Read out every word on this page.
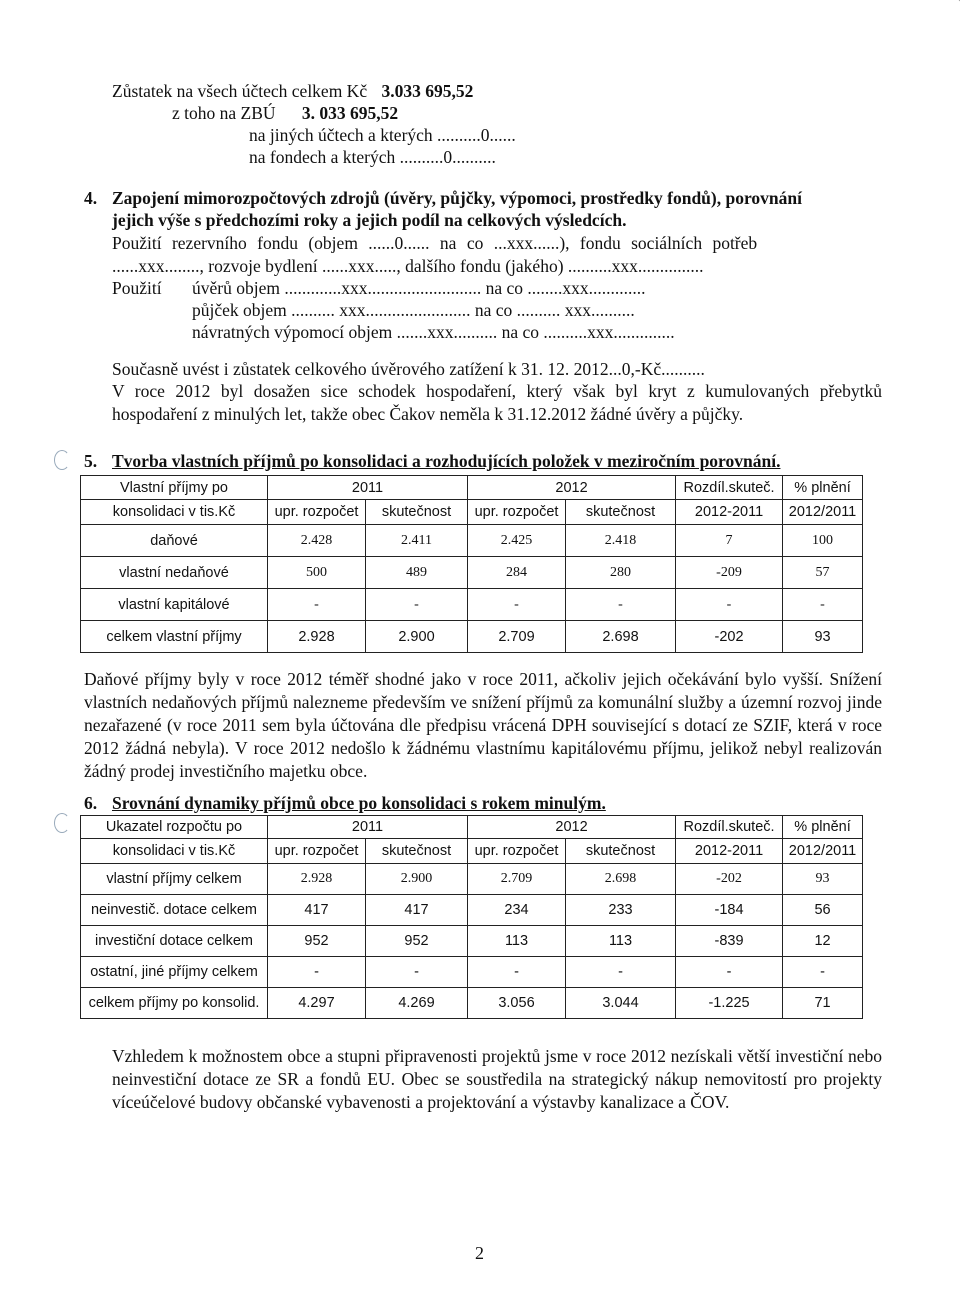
Zůstatek na všech účtech celkem Kč 3.033 695,52
z toho na ZBÚ 3. 033 695,52
na jiných účtech a kterých ..........0......
na fondech a kterých ..........0..........
4. Zapojení mimorozpočtových zdrojů (úvěry, půjčky, výpomoci, prostředky fondů), porovnání
jejich výše s předchozími roky a jejich podíl na celkových výsledcích.
Použití rezervního fondu (objem ......0...... na co ...xxx......), fondu sociálních potřeb
......xxx........, rozvoje bydlení ......xxx....., dalšího fondu (jakého) ..........xxx...............
Použití úvěrů objem .............xxx.......................... na co ........xxx.............
půjček objem .......... xxx........................ na co .......... xxx..........
návratných výpomocí objem .......xxx.......... na co ..........xxx..............
Současně uvést i zůstatek celkového úvěrového zatížení k 31. 12. 2012...0,-Kč..........
V roce 2012 byl dosažen sice schodek hospodaření, který však byl kryt z kumulovaných přebytků hospodaření z minulých let, takže obec Čakov neměla k 31.12.2012 žádné úvěry a půjčky.
5. Tvorba vlastních příjmů po konsolidaci a rozhodujících položek v meziročním porovnání.
Vlastní příjmy po	2011		2012		Rozdíl.skuteč.	% plnění
konsolidaci v tis.Kč	upr. rozpočet	skutečnost	upr. rozpočet	skutečnost	2012-2011	2012/2011
daňové	2.428	2.411	2.425	2.418	7	100
vlastní nedaňové	500	489	284	280	-209	57
vlastní kapitálové	-	-	-	-	-	-
celkem vlastní příjmy	2.928	2.900	2.709	2.698	-202	93
Daňové příjmy byly v roce 2012 téměř shodné jako v roce 2011, ačkoliv jejich očekávání bylo vyšší. Snížení vlastních nedaňových příjmů nalezneme především ve snížení příjmů za komunální služby a územní rozvoj jinde nezařazené (v roce 2011 sem byla účtována dle předpisu vrácená DPH související s dotací ze SZIF, která v roce 2012 žádná nebyla). V roce 2012 nedošlo k žádnému vlastnímu kapitálovému příjmu, jelikož nebyl realizován žádný prodej investičního majetku obce.
6. Srovnání dynamiky příjmů obce po konsolidaci s rokem minulým.
Ukazatel rozpočtu po	2011		2012		Rozdíl.skuteč.	% plnění
konsolidaci v tis.Kč	upr. rozpočet	skutečnost	upr. rozpočet	skutečnost	2012-2011	2012/2011
vlastní příjmy celkem	2.928	2.900	2.709	2.698	-202	93
neinvestič. dotace celkem	417	417	234	233	-184	56
investiční dotace celkem	952	952	113	113	-839	12
ostatní, jiné příjmy celkem	-	-	-	-	-	-
celkem příjmy po konsolid.	4.297	4.269	3.056	3.044	-1.225	71
Vzhledem k možnostem obce a stupni připravenosti projektů jsme v roce 2012 nezískali větší investiční nebo neinvestiční dotace ze SR a fondů EU. Obec se soustředila na strategický nákup nemovitostí pro projekty víceúčelové budovy občanské vybavenosti a projektování a výstavby kanalizace a ČOV.
2
